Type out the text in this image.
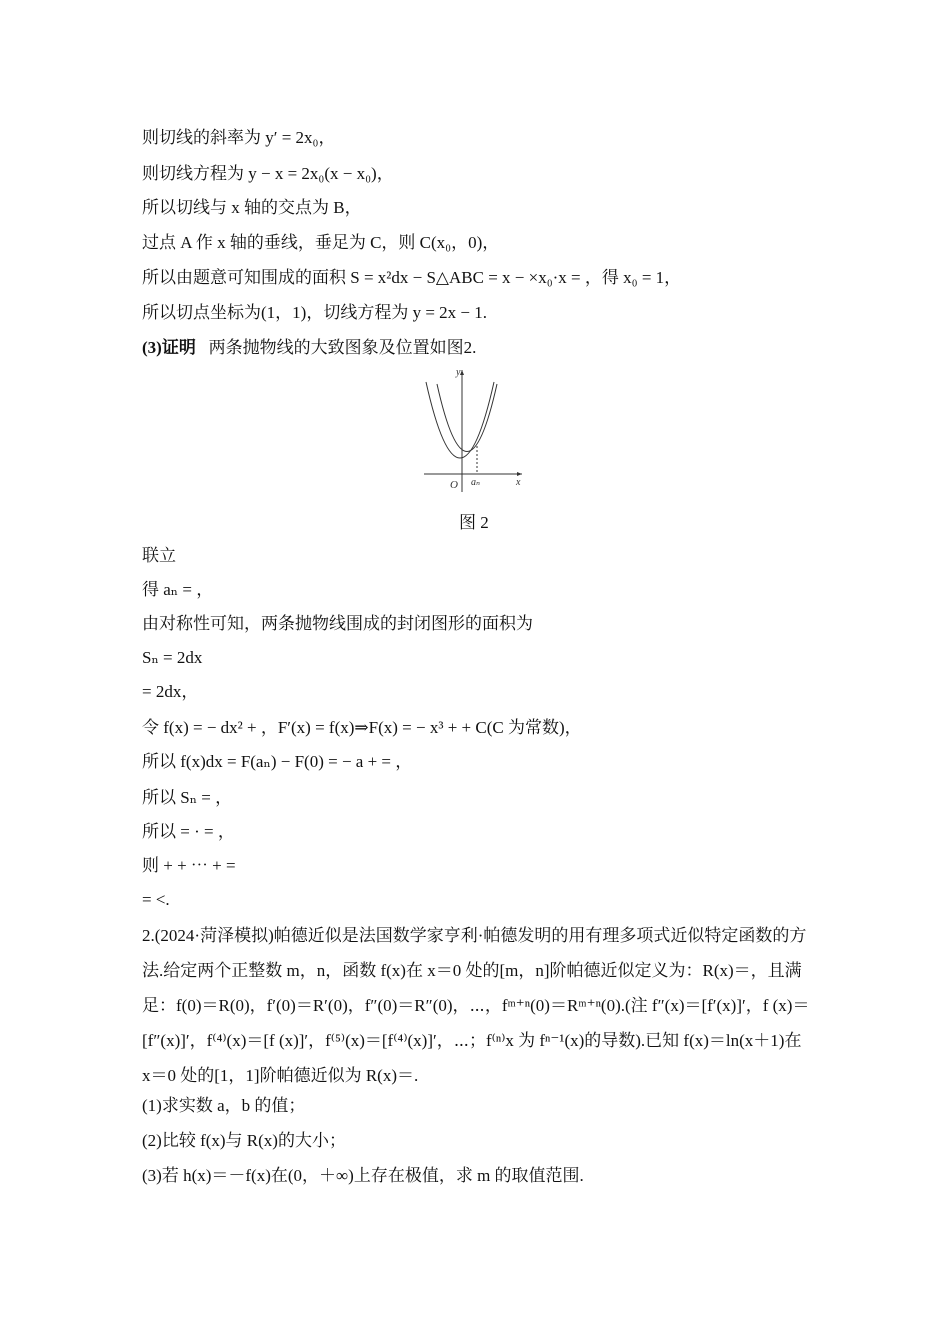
则切线的斜率为 y′ = 2x₀，
则切线方程为 y − x = 2x₀(x − x₀)，
所以切线与 x 轴的交点为 B，
过点 A 作 x 轴的垂线，垂足为 C，则 C(x₀，0)，
所以由题意可知围成的面积 S = x²dx − S△ABC = x − ×x₀·x = ，得 x₀ = 1，
所以切点坐标为(1，1)，切线方程为 y = 2x − 1.
(3)证明 两条抛物线的大致图象及位置如图2.
y
x
O aₙ
图 2
联立
得 aₙ = ，
由对称性可知，两条抛物线围成的封闭图形的面积为
Sₙ = 2dx
= 2dx，
令 f(x) = − dx² + ，F′(x) = f(x)⇒F(x) = − x³ + + C(C 为常数)，
所以 f(x)dx = F(aₙ) − F(0) = − a + = ，
所以 Sₙ = ，
所以 = · = ，
则 + + ⋯ + =
= <.
2.(2024·菏泽模拟)帕德近似是法国数学家亨利·帕德发明的用有理多项式近似特定函数的方法.给定两个正整数 m，n，函数 f(x)在 x＝0 处的[m，n]阶帕德近似定义为：R(x)＝，且满足：f(0)＝R(0)，f′(0)＝R′(0)，f″(0)＝R″(0)，⋯，fᵐ⁺ⁿ(0)＝Rᵐ⁺ⁿ(0).(注 f″(x)＝[f′(x)]′，f (x)＝[f″(x)]′，f⁽⁴⁾(x)＝[f (x)]′，f⁽⁵⁾(x)＝[f⁽⁴⁾(x)]′，⋯；f⁽ⁿ⁾x 为 fⁿ⁻¹(x)的导数).已知 f(x)＝ln(x＋1)在 x＝0 处的[1，1]阶帕德近似为 R(x)＝.
(1)求实数 a，b 的值；
(2)比较 f(x)与 R(x)的大小；
(3)若 h(x)＝－f(x)在(0，＋∞)上存在极值，求 m 的取值范围.
